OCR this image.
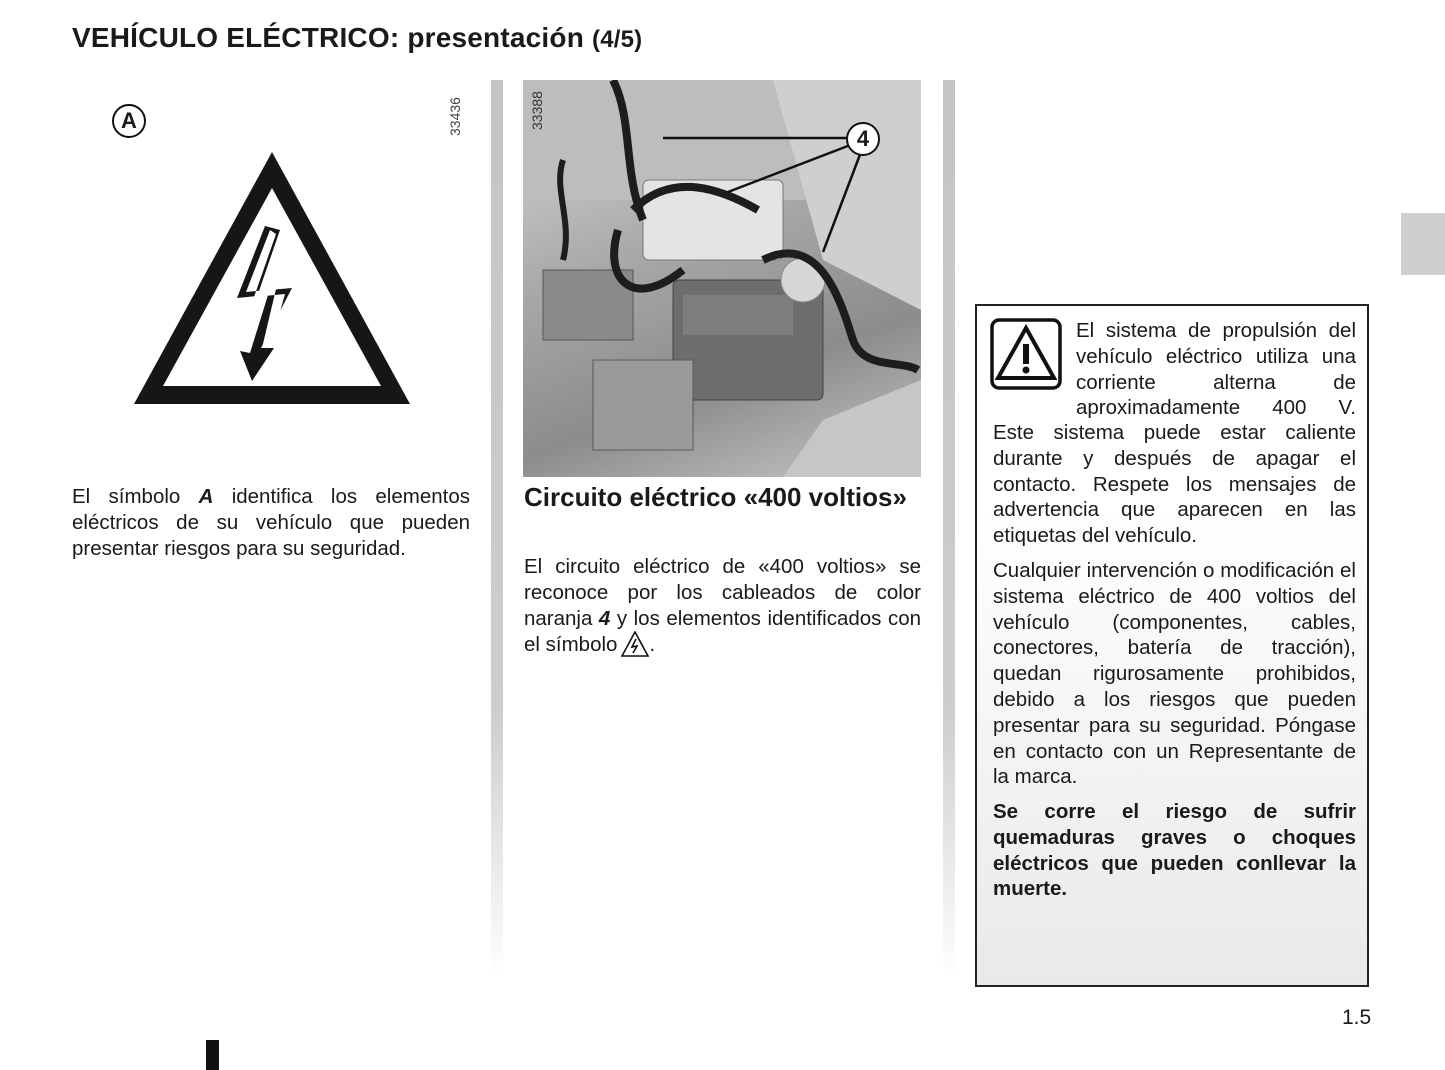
VEHÍCULO ELÉCTRICO: presentación (4/5)
33436
A

El símbolo A identifica los elementos eléctricos de su vehículo que pueden presentar riesgos para su seguridad.

33388
4
Circuito eléctrico «400 voltios»

El circuito eléctrico de «400 voltios» se reconoce por los cableados de color naranja 4 y los elementos identificados con el símbolo .

El sistema de propulsión del vehículo eléctrico utiliza una corriente alterna de aproximadamente 400 V.

Este sistema puede estar caliente durante y después de apagar el contacto. Respete los mensajes de advertencia que aparecen en las etiquetas del vehículo.

Cualquier intervención o modificación el sistema eléctrico de 400 voltios del vehículo (componentes, cables, conectores, batería de tracción), quedan rigurosamente prohibidos, debido a los riesgos que pueden presentar para su seguridad. Póngase en contacto con un Representante de la marca.

Se corre el riesgo de sufrir quemaduras graves o choques eléctricos que pueden conllevar la muerte.

1.5
